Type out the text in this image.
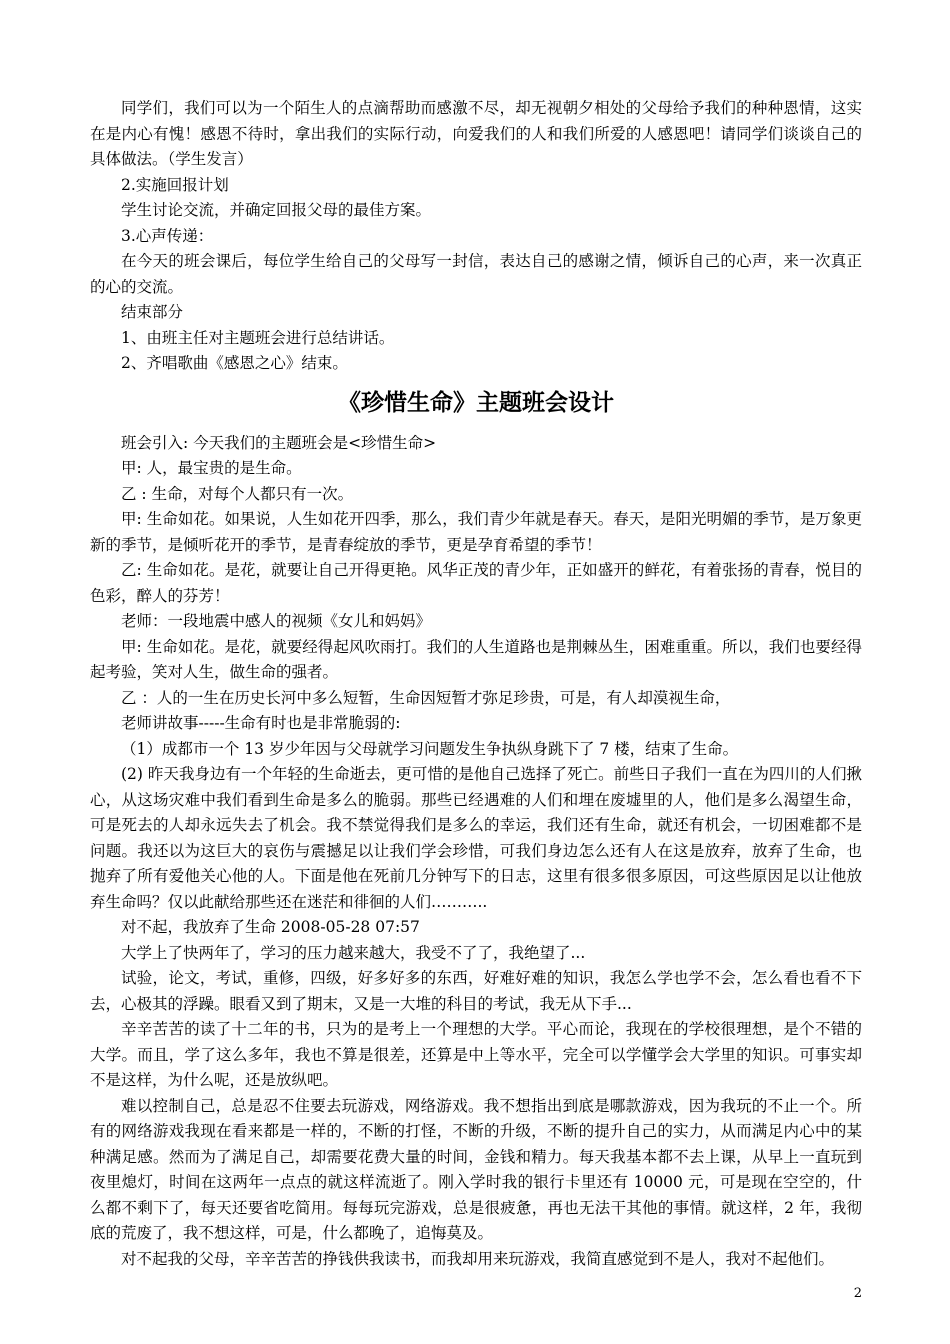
同学们，我们可以为一个陌生人的点滴帮助而感激不尽，却无视朝夕相处的父母给予我们的种种恩情，这实在是内心有愧！感恩不待时，拿出我们的实际行动，向爱我们的人和我们所爱的人感恩吧！请同学们谈谈自己的具体做法。（学生发言）

2.实施回报计划

学生讨论交流，并确定回报父母的最佳方案。

3.心声传递：

在今天的班会课后，每位学生给自己的父母写一封信，表达自己的感谢之情，倾诉自己的心声，来一次真正的心的交流。

结束部分

1、由班主任对主题班会进行总结讲话。

2、齐唱歌曲《感恩之心》结束。

《珍惜生命》主题班会设计

班会引入: 今天我们的主题班会是<珍惜生命>

甲: 人，最宝贵的是生命。

乙 : 生命，对每个人都只有一次。

甲: 生命如花。如果说，人生如花开四季，那么，我们青少年就是春天。春天，是阳光明媚的季节，是万象更新的季节，是倾听花开的季节，是青春绽放的季节，更是孕育希望的季节！

乙: 生命如花。是花，就要让自己开得更艳。风华正茂的青少年，正如盛开的鲜花，有着张扬的青春，悦目的色彩，醉人的芬芳！

老师：一段地震中感人的视频《女儿和妈妈》

甲: 生命如花。是花，就要经得起风吹雨打。我们的人生道路也是荆棘丛生，困难重重。所以，我们也要经得起考验，笑对人生，做生命的强者。

乙 ：人的一生在历史长河中多么短暂，生命因短暂才弥足珍贵，可是，有人却漠视生命，

老师讲故事-----生命有时也是非常脆弱的:

（1）成都市一个 13 岁少年因与父母就学习问题发生争执纵身跳下了 7 楼，结束了生命。

(2) 昨天我身边有一个年轻的生命逝去，更可惜的是他自己选择了死亡。前些日子我们一直在为四川的人们揪心，从这场灾难中我们看到生命是多么的脆弱。那些已经遇难的人们和埋在废墟里的人，他们是多么渴望生命，可是死去的人却永远失去了机会。我不禁觉得我们是多么的幸运，我们还有生命，就还有机会，一切困难都不是问题。我还以为这巨大的哀伤与震撼足以让我们学会珍惜，可我们身边怎么还有人在这是放弃，放弃了生命，也抛弃了所有爱他关心他的人。下面是他在死前几分钟写下的日志，这里有很多很多原因，可这些原因足以让他放弃生命吗？仅以此献给那些还在迷茫和徘徊的人们………..

对不起，我放弃了生命 2008-05-28 07:57

大学上了快两年了，学习的压力越来越大，我受不了了，我绝望了...

试验，论文，考试，重修，四级，好多好多的东西，好难好难的知识，我怎么学也学不会，怎么看也看不下去，心极其的浮躁。眼看又到了期末，又是一大堆的科目的考试，我无从下手...

辛辛苦苦的读了十二年的书，只为的是考上一个理想的大学。平心而论，我现在的学校很理想，是个不错的大学。而且，学了这么多年，我也不算是很差，还算是中上等水平，完全可以学懂学会大学里的知识。可事实却不是这样，为什么呢，还是放纵吧。

难以控制自己，总是忍不住要去玩游戏，网络游戏。我不想指出到底是哪款游戏，因为我玩的不止一个。所有的网络游戏我现在看来都是一样的，不断的打怪，不断的升级，不断的提升自己的实力，从而满足内心中的某种满足感。然而为了满足自己，却需要花费大量的时间，金钱和精力。每天我基本都不去上课，从早上一直玩到夜里熄灯，时间在这两年一点点的就这样流逝了。刚入学时我的银行卡里还有 10000 元，可是现在空空的，什么都不剩下了，每天还要省吃简用。每每玩完游戏，总是很疲惫，再也无法干其他的事情。就这样，2 年，我彻底的荒废了，我不想这样，可是，什么都晚了，追悔莫及。

对不起我的父母，辛辛苦苦的挣钱供我读书，而我却用来玩游戏，我简直感觉到不是人，我对不起他们。

2
